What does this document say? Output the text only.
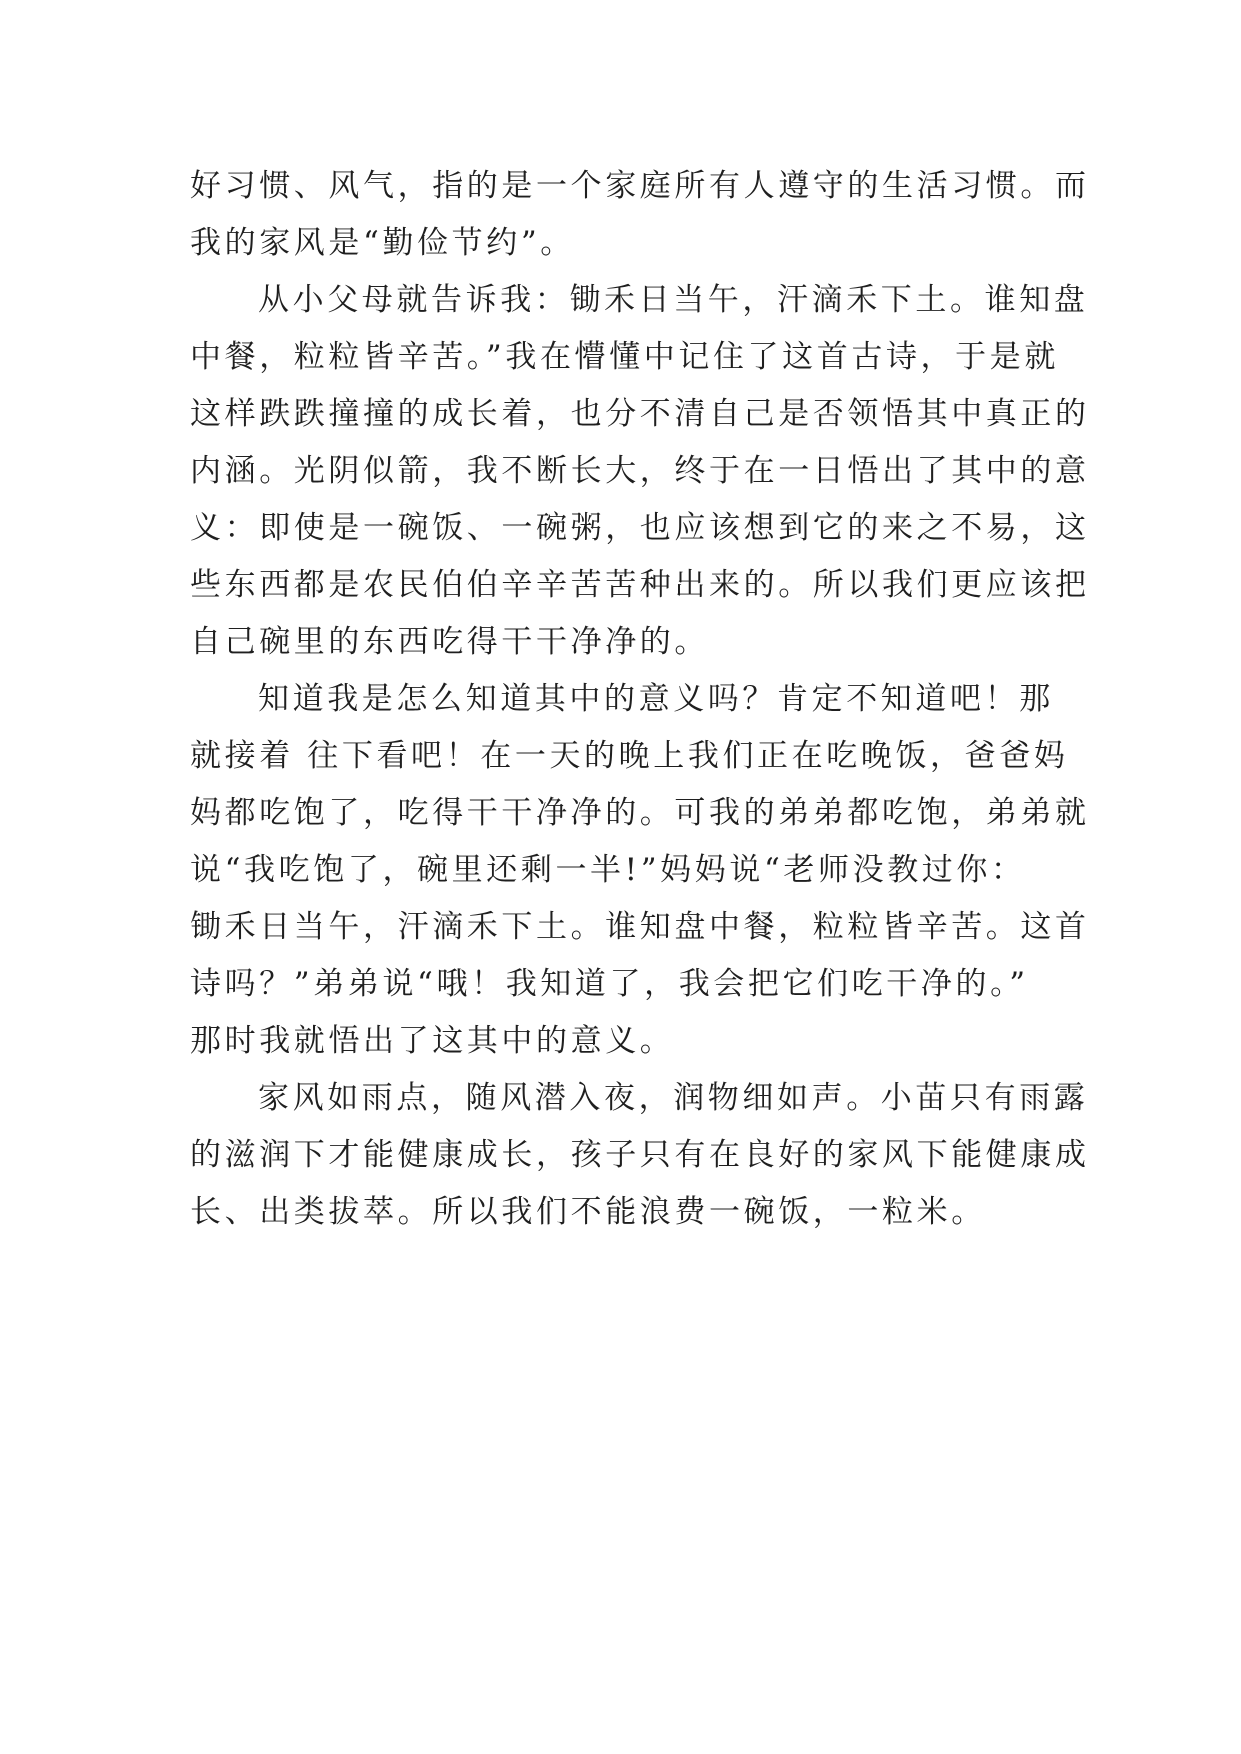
好习惯、风气，指的是一个家庭所有人遵守的生活习惯。而
我的家风是“勤俭节约”。
从小父母就告诉我：锄禾日当午，汗滴禾下土。谁知盘
中餐，粒粒皆辛苦。”我在懵懂中记住了这首古诗，于是就
这样跌跌撞撞的成长着，也分不清自己是否领悟其中真正的
内涵。光阴似箭，我不断长大，终于在一日悟出了其中的意
义：即使是一碗饭、一碗粥，也应该想到它的来之不易，这
些东西都是农民伯伯辛辛苦苦种出来的。所以我们更应该把
自己碗里的东西吃得干干净净的。
知道我是怎么知道其中的意义吗？肯定不知道吧！那
就接着 往下看吧！在一天的晚上我们正在吃晚饭，爸爸妈
妈都吃饱了，吃得干干净净的。可我的弟弟都吃饱，弟弟就
说“我吃饱了，碗里还剩一半!”妈妈说“老师没教过你：
锄禾日当午，汗滴禾下土。谁知盘中餐，粒粒皆辛苦。这首
诗吗？”弟弟说“哦！我知道了，我会把它们吃干净的。”
那时我就悟出了这其中的意义。
家风如雨点，随风潜入夜，润物细如声。小苗只有雨露
的滋润下才能健康成长，孩子只有在良好的家风下能健康成
长、出类拔萃。所以我们不能浪费一碗饭，一粒米。
